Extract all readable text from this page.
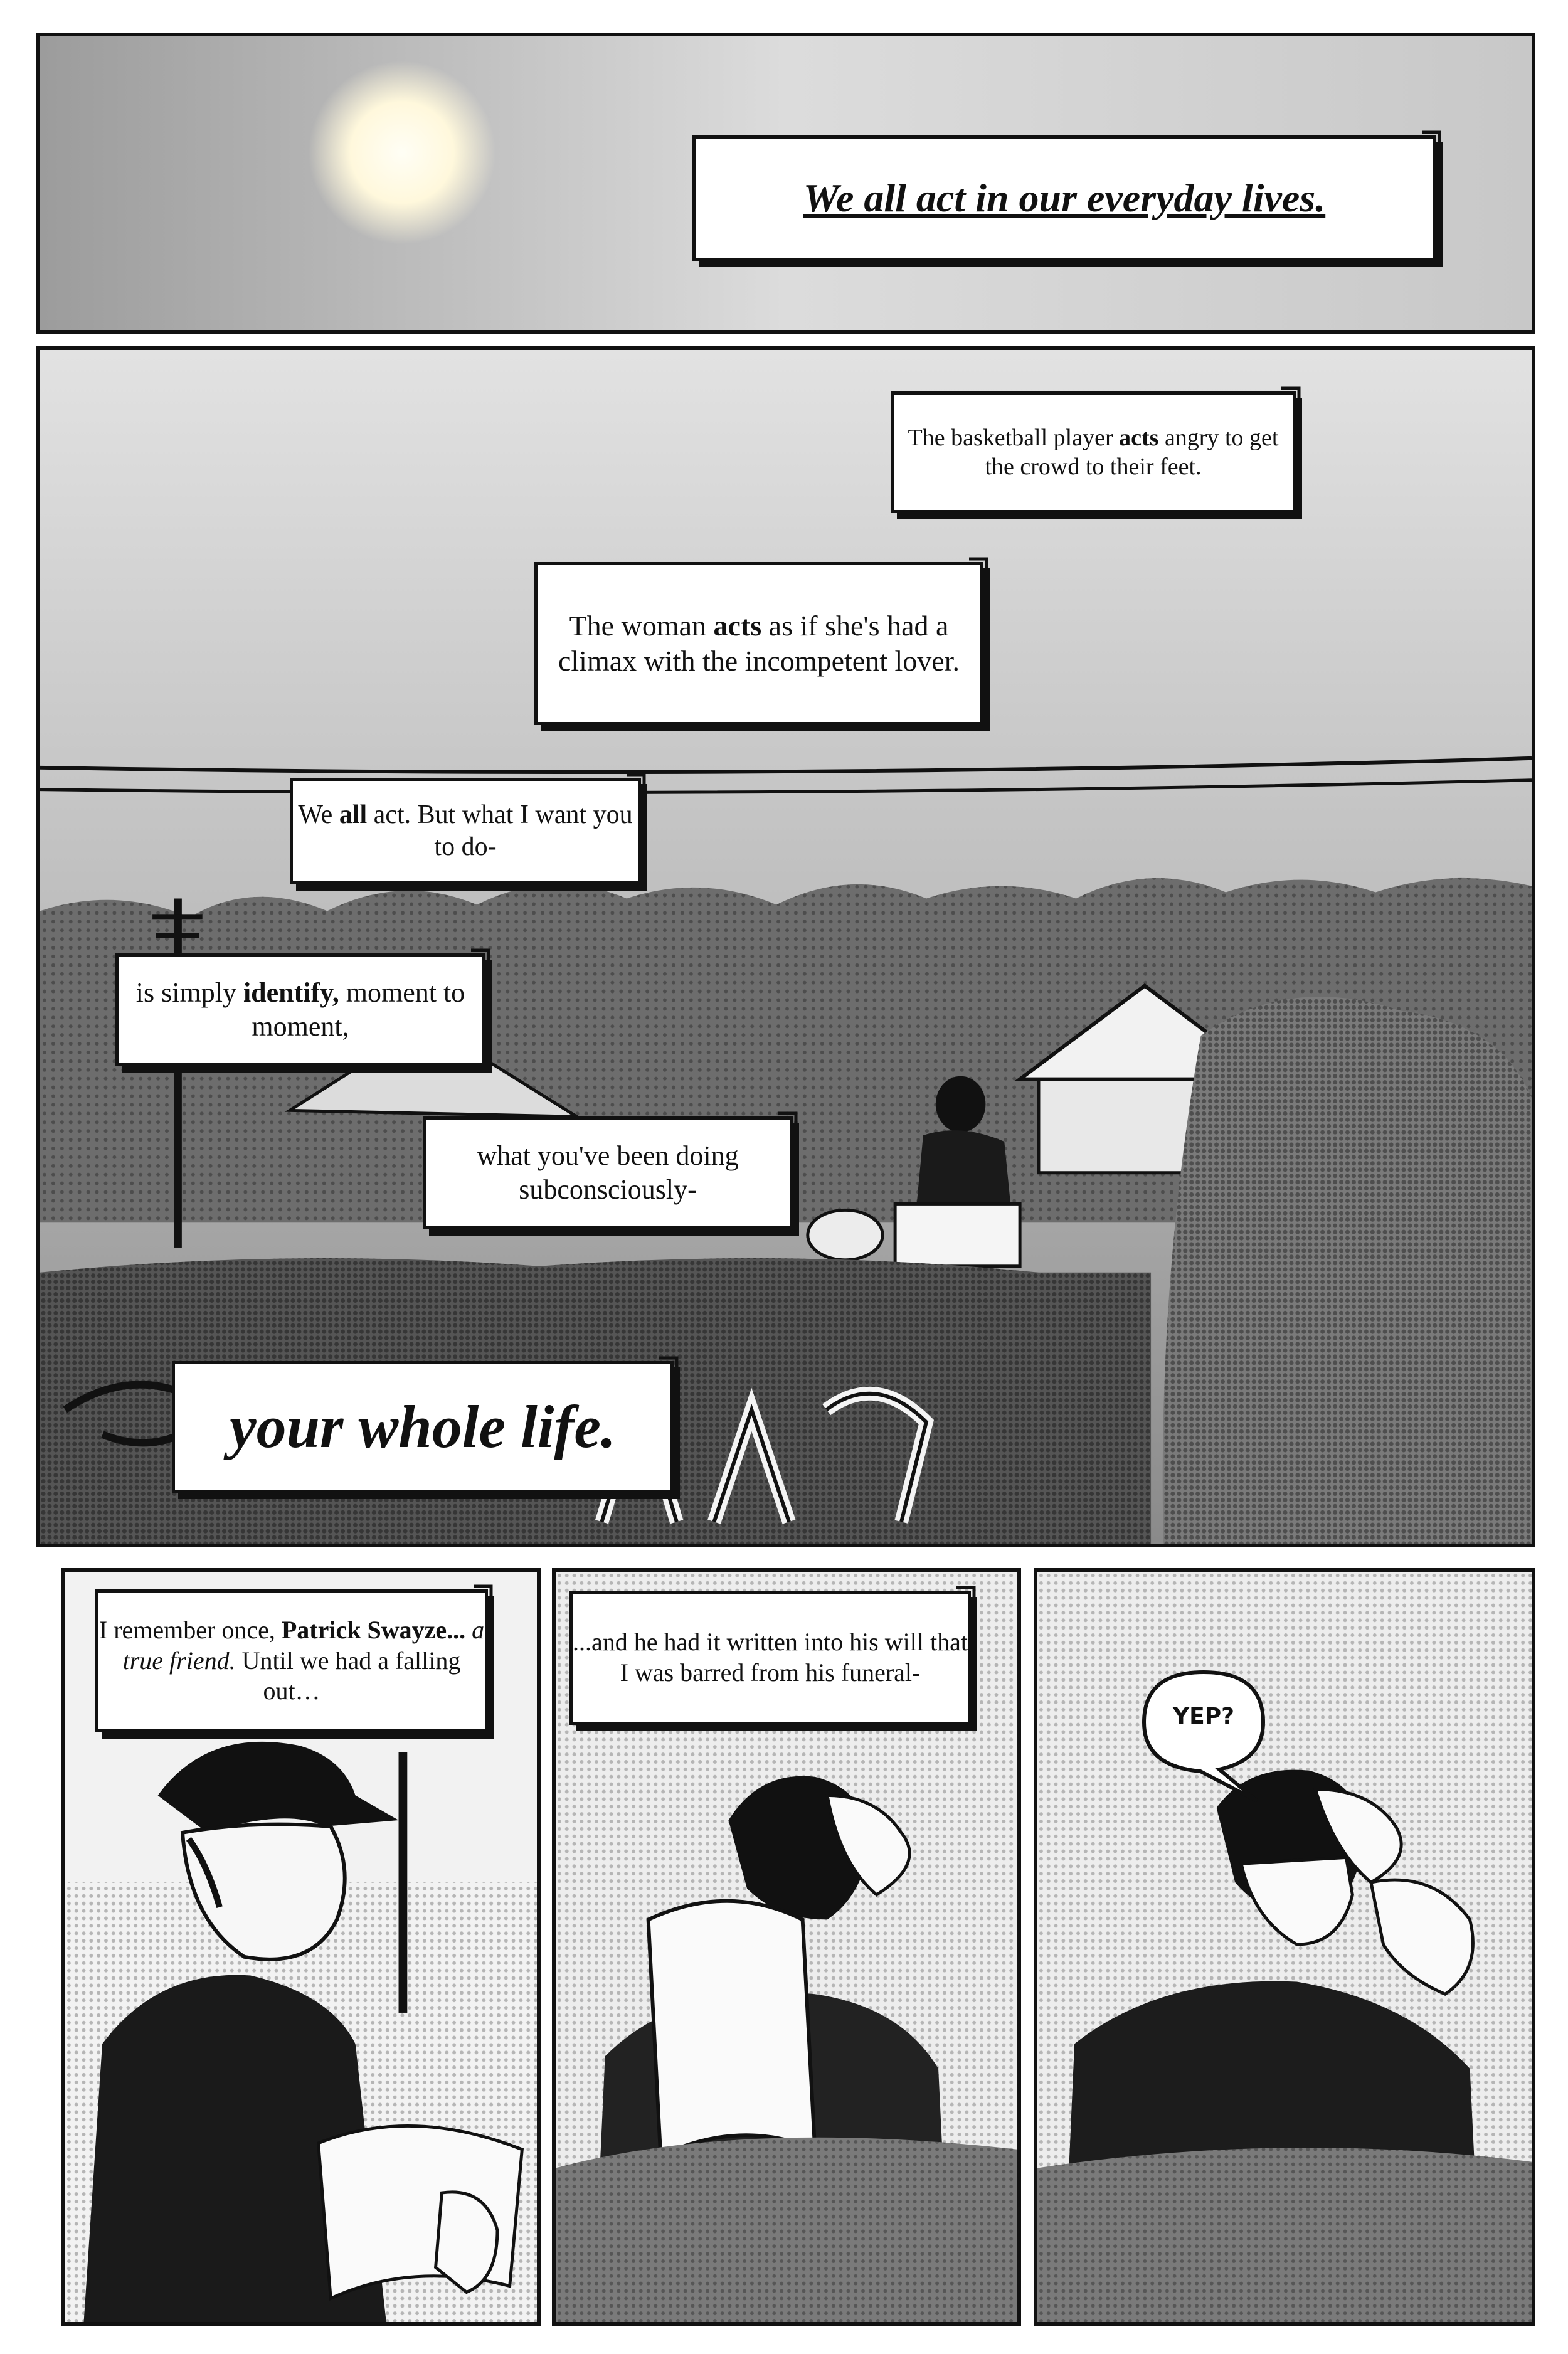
We all act in our everyday lives.
The basketball player acts angry to get the crowd to their feet.
The woman acts as if she's had a climax with the incompetent lover.
We all act. But what I want you to do-
is simply identify, moment to moment,
what you've been doing subconsciously-
your whole life.
I remember once, Patrick Swayze... a true friend. Until we had a falling out…
...and he had it written into his will that I was barred from his funeral-
YEP?
